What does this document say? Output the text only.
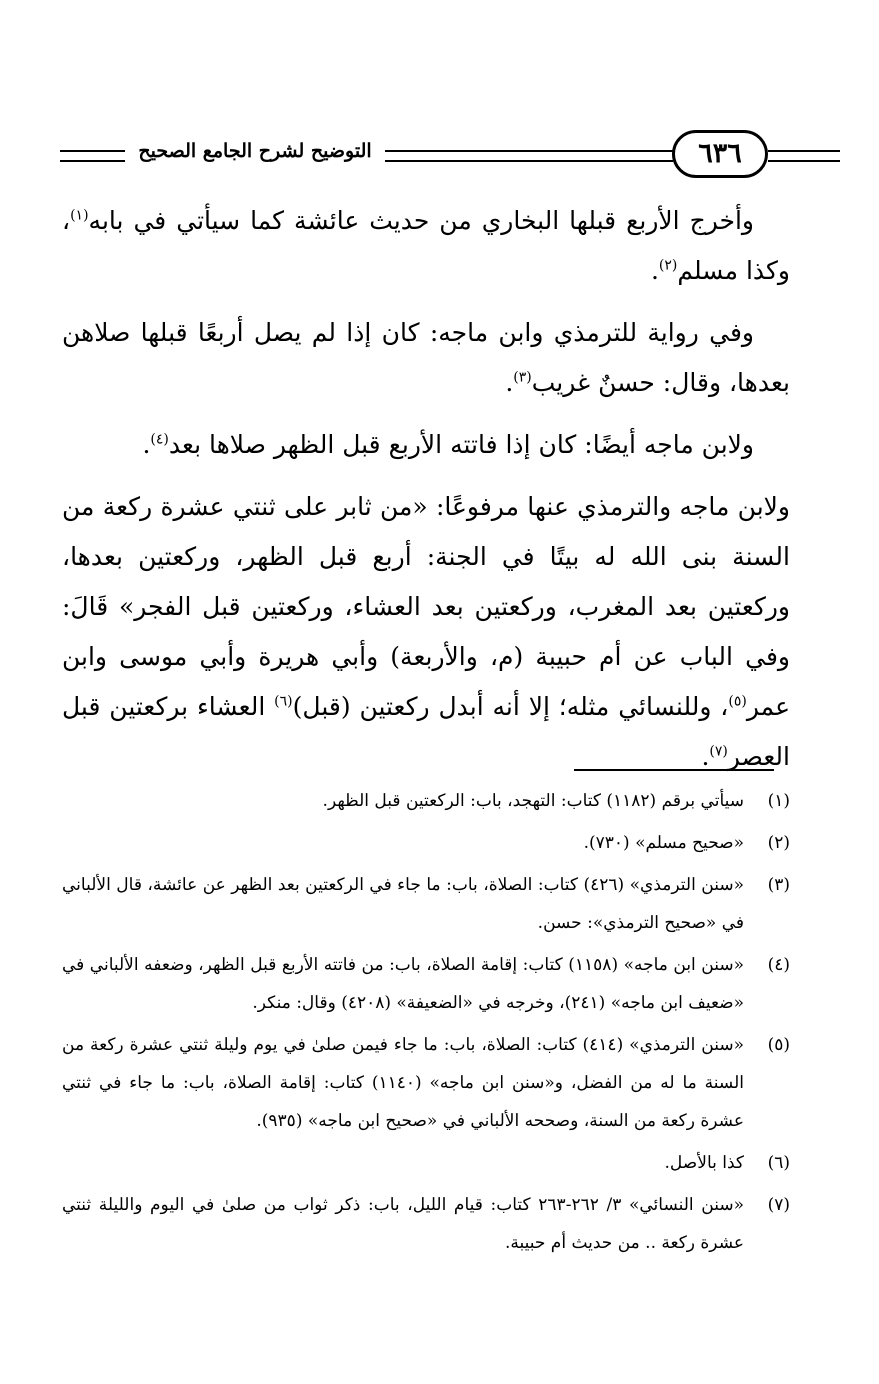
التوضيح لشرح الجامع الصحيح	٦٣٦

وأخرج الأربع قبلها البخاري من حديث عائشة كما سيأتي في بابه$^{(١)}$، وكذا مسلم$^{(٢)}$.

وفي رواية للترمذي وابن ماجه: كان إذا لم يصل أربعًا قبلها صلاهن بعدها، وقال: حسنٌ غريب$^{(٣)}$.

ولابن ماجه أيضًا: كان إذا فاتته الأربع قبل الظهر صلاها بعد$^{(٤)}$.

ولابن ماجه والترمذي عنها مرفوعًا: «من ثابر على ثنتي عشرة ركعة من السنة بنى الله له بيتًا في الجنة: أربع قبل الظهر، وركعتين بعدها، وركعتين بعد المغرب، وركعتين بعد العشاء، وركعتين قبل الفجر» قَالَ: وفي الباب عن أم حبيبة (م، والأربعة) وأبي هريرة وأبي موسى وابن عمر$^{(٥)}$، وللنسائي مثله؛ إلا أنه أبدل ركعتين (قبل)$^{(٦)}$ العشاء بركعتين قبل العصر$^{(٧)}$.

(١)
سيأتي برقم (١١٨٢) كتاب: التهجد، باب: الركعتين قبل الظهر.
(٢)
«صحيح مسلم» (٧٣٠).
(٣)
«سنن الترمذي» (٤٢٦) كتاب: الصلاة، باب: ما جاء في الركعتين بعد الظهر عن عائشة، قال الألباني في «صحيح الترمذي»: حسن.
(٤)
«سنن ابن ماجه» (١١٥٨) كتاب: إقامة الصلاة، باب: من فاتته الأربع قبل الظهر، وضعفه الألباني في «ضعيف ابن ماجه» (٢٤١)، وخرجه في «الضعيفة» (٤٢٠٨) وقال: منكر.
(٥)
«سنن الترمذي» (٤١٤) كتاب: الصلاة، باب: ما جاء فيمن صلىٰ في يوم وليلة ثنتي عشرة ركعة من السنة ما له من الفضل، و«سنن ابن ماجه» (١١٤٠) كتاب: إقامة الصلاة، باب: ما جاء في ثنتي عشرة ركعة من السنة، وصححه الألباني في «صحيح ابن ماجه» (٩٣٥).
(٦)
كذا بالأصل.
(٧)
«سنن النسائي» ٣/ ٢٦٢-٢٦٣ كتاب: قيام الليل، باب: ذكر ثواب من صلىٰ في اليوم والليلة ثنتي عشرة ركعة .. من حديث أم حبيبة.
